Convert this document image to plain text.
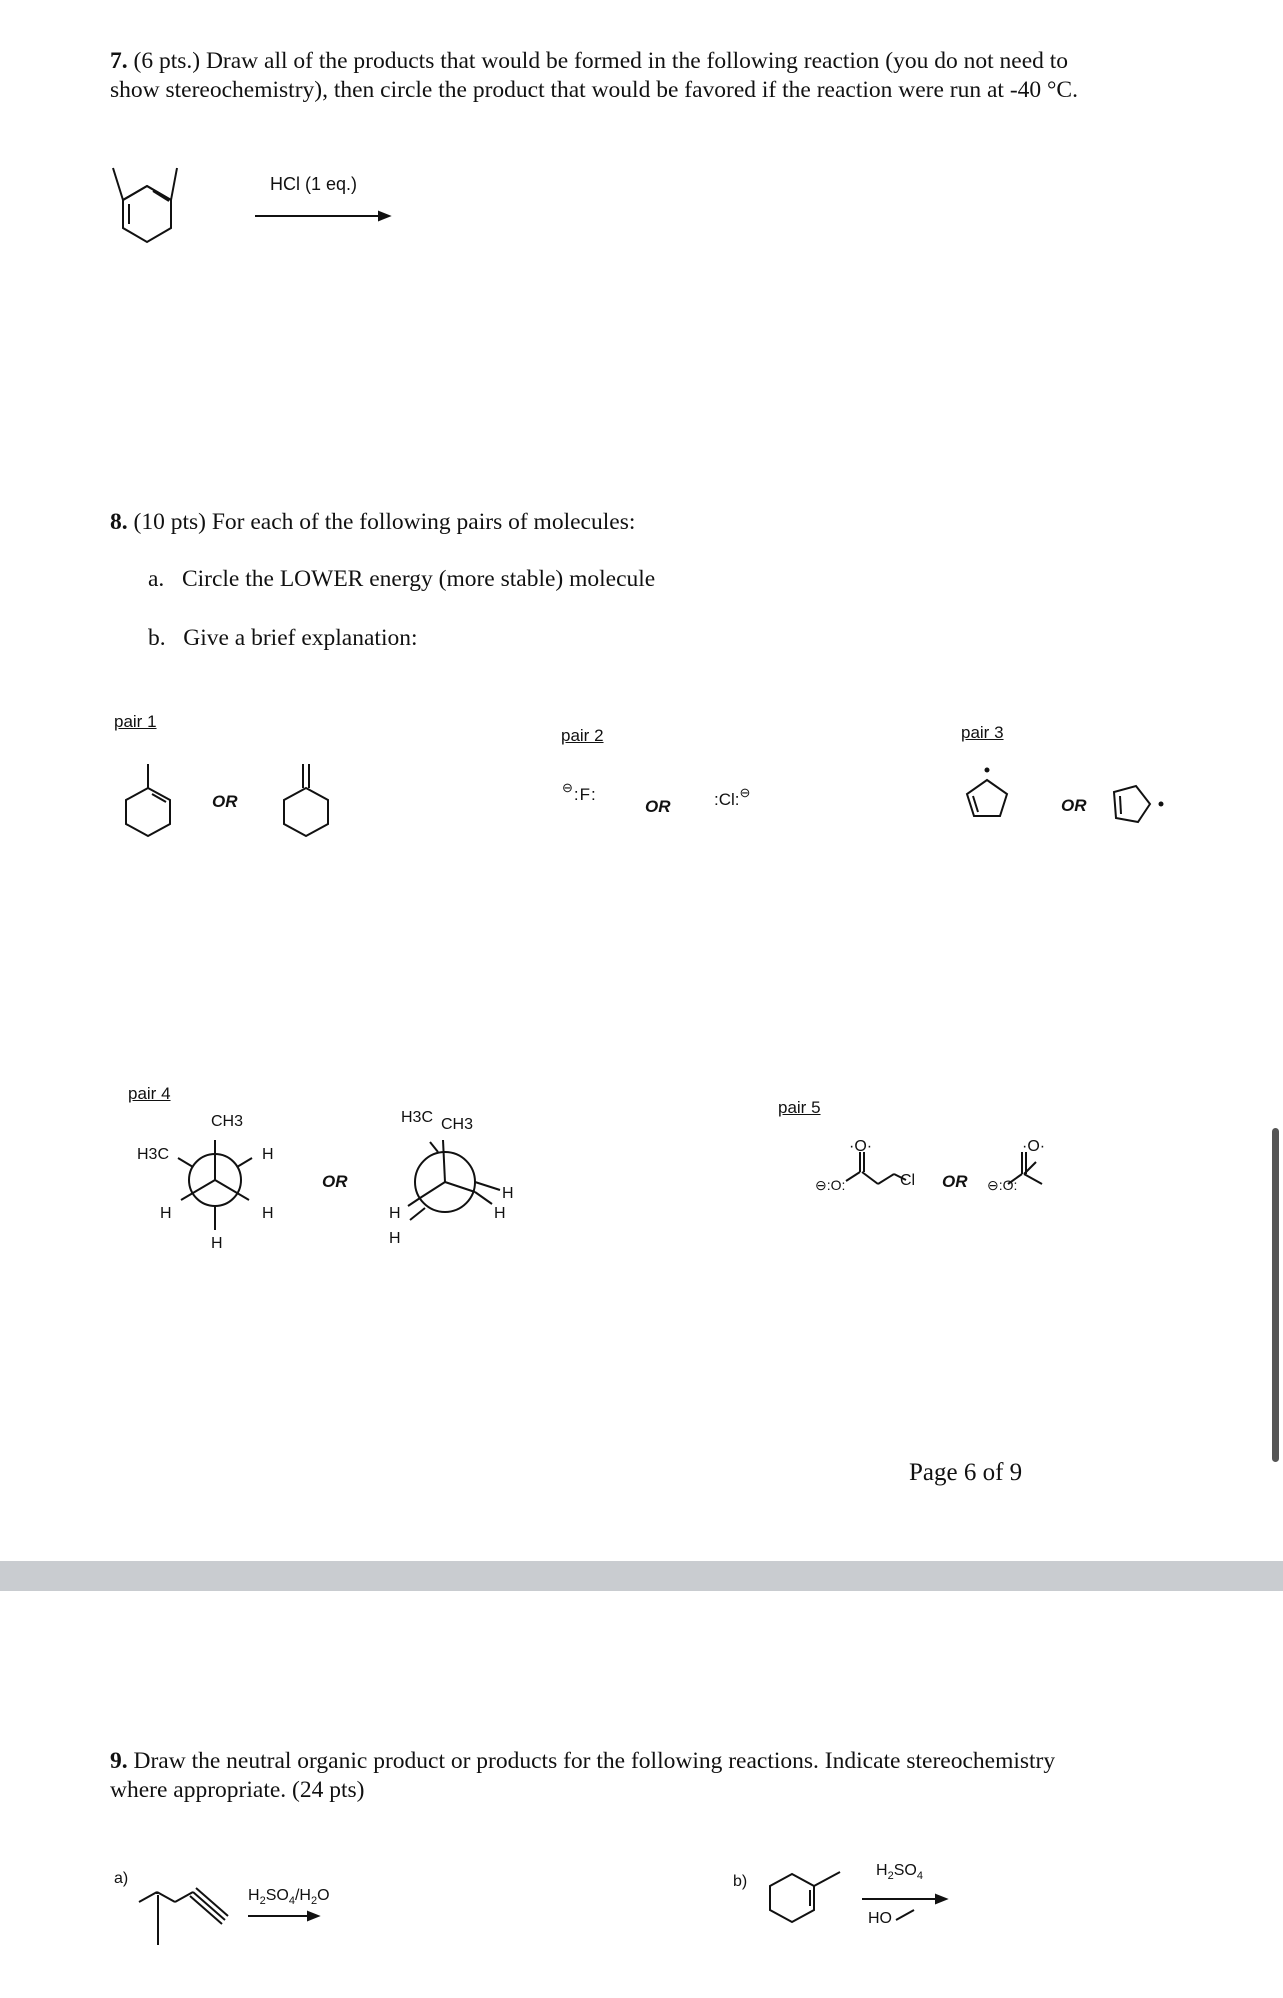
7. (6 pts.) Draw all of the products that would be formed in the following reaction (you do not need to
show stereochemistry), then circle the product that would be favored if the reaction were run at -40 °C.
HCl (1 eq.)
8. (10 pts) For each of the following pairs of molecules:
a. Circle the LOWER energy (more stable) molecule
b. Give a brief explanation:
pair 1
OR
pair 2
⊖:F:
OR	:Cl:⊖
pair 3
OR
pair 4
CH3
H3C	H
H	H
H
OR
H3C CH3
H
H
H
H
pair 5
·O·
⊖:O:	Cl OR
·O·
⊖:O:
Page 6 of 9
9. Draw the neutral organic product or products for the following reactions. Indicate stereochemistry
where appropriate. (24 pts)
a)
$H_2SO_4/H_2O$
b)
$H_2SO_4$
HO
